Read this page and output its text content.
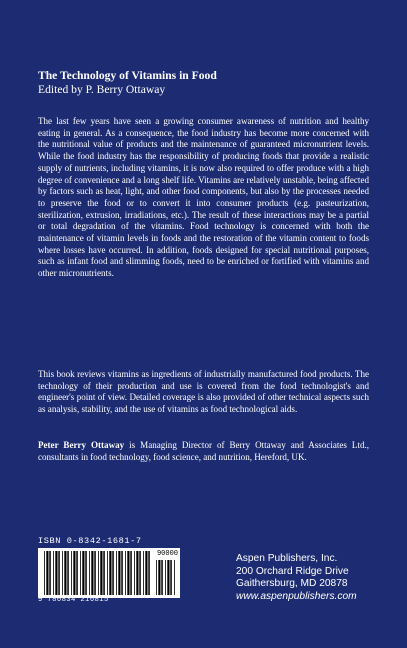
The Technology of Vitamins in Food
Edited by P. Berry Ottaway
The last few years have seen a growing consumer awareness of nutrition and healthy eating in general. As a consequence, the food industry has become more concerned with the nutritional value of products and the maintenance of guaranteed micronutrient levels. While the food industry has the responsibility of producing foods that provide a realistic supply of nutrients, including vitamins, it is now also required to offer produce with a high degree of convenience and a long shelf life. Vitamins are relatively unstable, being affected by factors such as heat, light, and other food components, but also by the processes needed to preserve the food or to convert it into consumer products (e.g. pasteurization, sterilization, extrusion, irradiations, etc.). The result of these interactions may be a partial or total degradation of the vitamins. Food technology is concerned with both the maintenance of vitamin levels in foods and the restoration of the vitamin content to foods where losses have occurred. In addition, foods designed for special nutritional purposes, such as infant food and slimming foods, need to be enriched or fortified with vitamins and other micronutrients.
This book reviews vitamins as ingredients of industrially manufactured food products. The technology of their production and use is covered from the food technologist's and engineer's point of view. Detailed coverage is also provided of other technical aspects such as analysis, stability, and the use of vitamins as food technological aids.
Peter Berry Ottaway is Managing Director of Berry Ottaway and Associates Ltd., consultants in food technology, food science, and nutrition, Hereford, UK.
ISBN 0-8342-1681-7
90000
9 780834 216815
Aspen Publishers, Inc.
200 Orchard Ridge Drive
Gaithersburg, MD 20878
www.aspenpublishers.com
